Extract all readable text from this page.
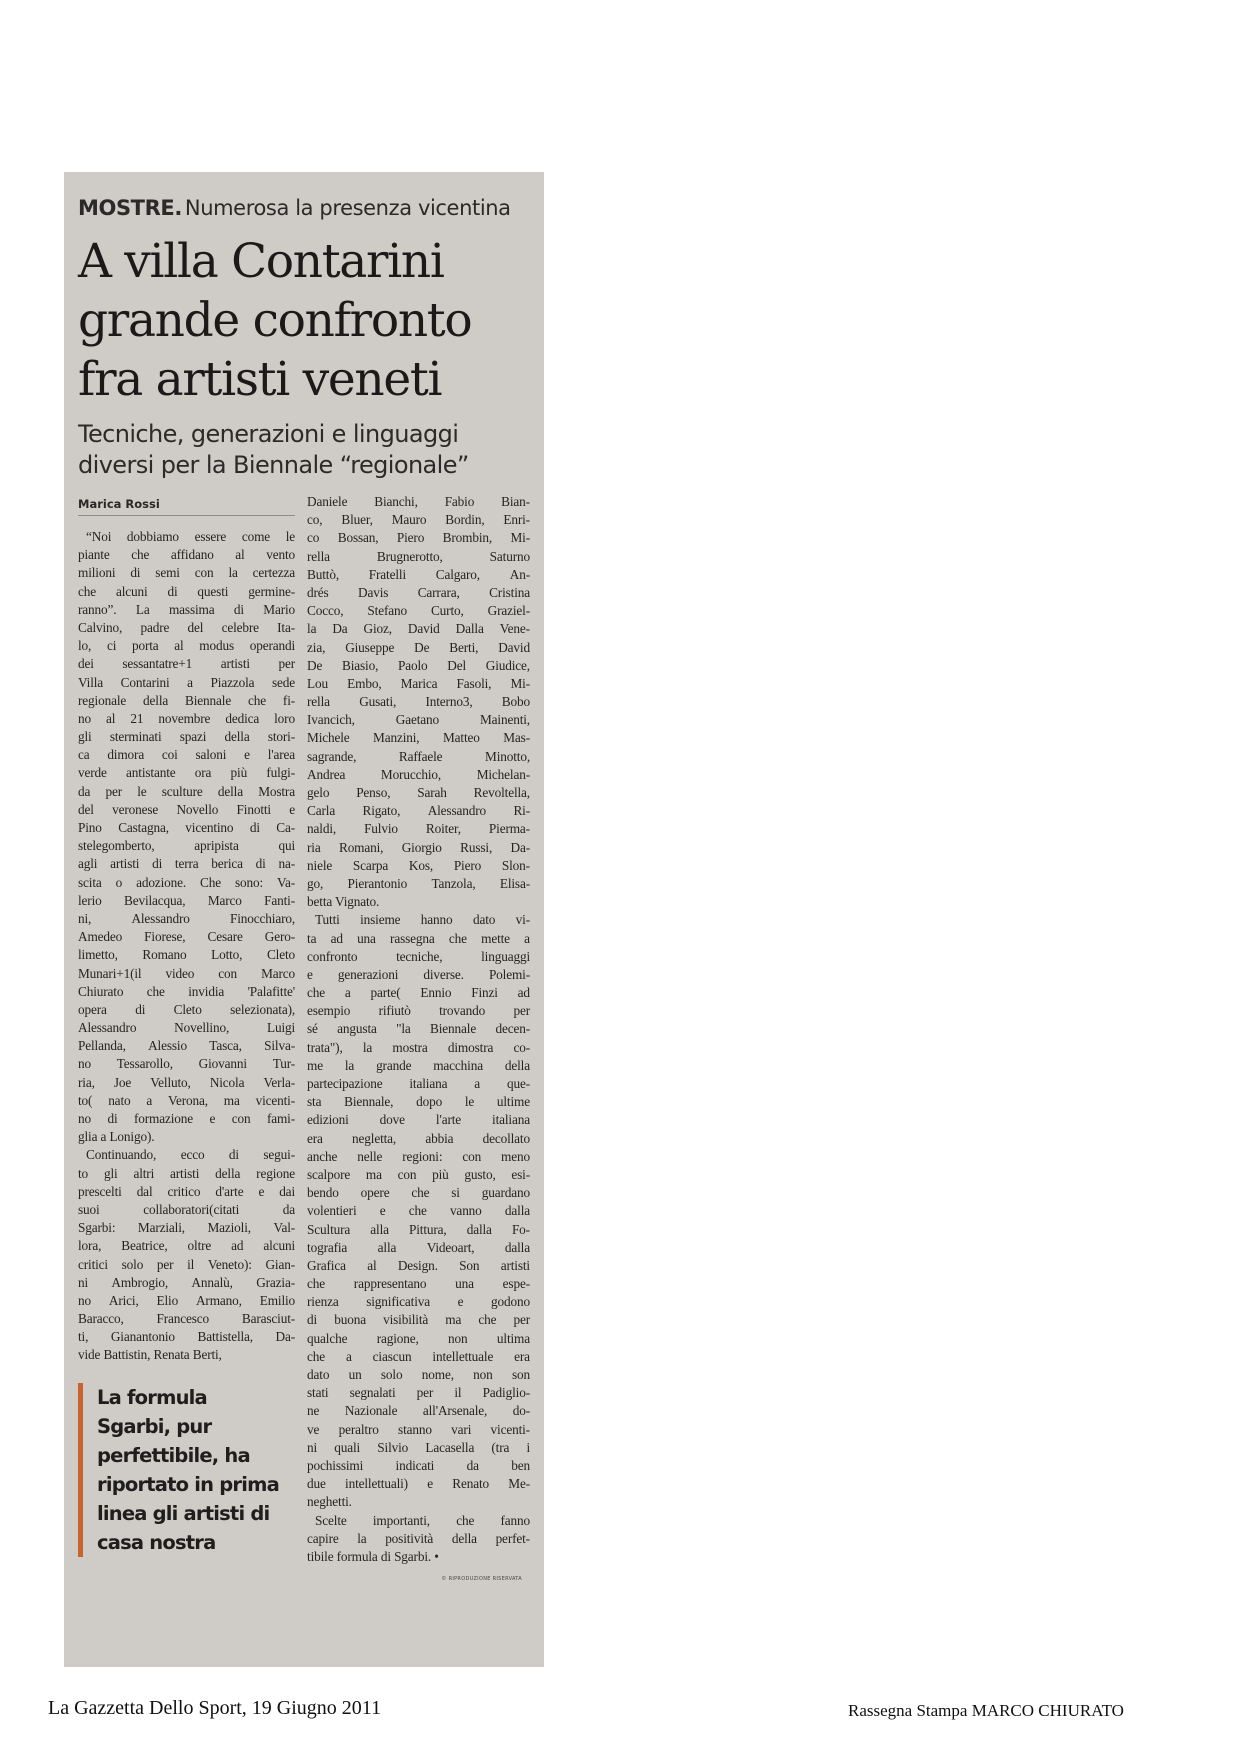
MOSTRE. Numerosa la presenza vicentina
A villa Contarini
grande confronto
fra artisti veneti
Tecniche, generazioni e linguaggi
diversi per la Biennale “regionale”
Marica Rossi
“Noi dobbiamo essere come le
piante che affidano al vento
milioni di semi con la certezza
che alcuni di questi germine-
ranno”. La massima di Mario
Calvino, padre del celebre Ita-
lo, ci porta al modus operandi
dei sessantatre+1 artisti per
Villa Contarini a Piazzola sede
regionale della Biennale che fi-
no al 21 novembre dedica loro
gli sterminati spazi della stori-
ca dimora coi saloni e l'area
verde antistante ora più fulgi-
da per le sculture della Mostra
del veronese Novello Finotti e
Pino Castagna, vicentino di Ca-
stelegomberto,	apripista	qui
agli artisti di terra berica di na-
scita o adozione. Che sono: Va-
lerio Bevilacqua, Marco Fanti-
ni,	Alessandro	Finocchiaro,
Amedeo Fiorese, Cesare Gero-
limetto, Romano Lotto, Cleto
Munari+1(il video con Marco
Chiurato che invidia 'Palafitte'
opera di Cleto selezionata),
Alessandro	Novellino,	Luigi
Pellanda, Alessio Tasca, Silva-
no Tessarollo, Giovanni Tur-
ria, Joe Velluto, Nicola Verla-
to( nato a Verona, ma vicenti-
no di formazione e con fami-
glia a Lonigo).
Continuando, ecco di segui-
to gli altri artisti della regione
prescelti dal critico d'arte e dai
suoi	collaboratori(citati	da
Sgarbi: Marziali, Mazioli, Val-
lora, Beatrice, oltre ad alcuni
critici solo per il Veneto): Gian-
ni Ambrogio, Annalù, Grazia-
no Arici, Elio Armano, Emilio
Baracco, Francesco Barasciut-
ti, Gianantonio Battistella, Da-
vide Battistin, Renata Berti,
La formula
Sgarbi, pur
perfettibile, ha
riportato in prima
linea gli artisti di
casa nostra
Daniele Bianchi, Fabio Bian-
co, Bluer, Mauro Bordin, Enri-
co Bossan, Piero Brombin, Mi-
rella	Brugnerotto,	Saturno
Buttò, Fratelli Calgaro, An-
drés Davis Carrara, Cristina
Cocco, Stefano Curto, Graziel-
la Da Gioz, David Dalla Vene-
zia, Giuseppe De Berti, David
De Biasio, Paolo Del Giudice,
Lou Embo, Marica Fasoli, Mi-
rella Gusati, Interno3, Bobo
Ivancich,	Gaetano	Mainenti,
Michele Manzini, Matteo Mas-
sagrande,	Raffaele	Minotto,
Andrea	Morucchio,	Michelan-
gelo Penso, Sarah Revoltella,
Carla Rigato, Alessandro Ri-
naldi, Fulvio Roiter, Pierma-
ria Romani, Giorgio Russi, Da-
niele Scarpa Kos, Piero Slon-
go, Pierantonio Tanzola, Elisa-
betta Vignato.
Tutti insieme hanno dato vi-
ta ad una rassegna che mette a
confronto	tecniche,	linguaggi
e generazioni diverse. Polemi-
che a parte( Ennio Finzi ad
esempio rifiutò trovando per
sé angusta "la Biennale decen-
trata"), la mostra dimostra co-
me la grande macchina della
partecipazione italiana a que-
sta Biennale, dopo le ultime
edizioni dove l'arte italiana
era negletta, abbia decollato
anche nelle regioni: con meno
scalpore ma con più gusto, esi-
bendo opere che si guardano
volentieri e che vanno dalla
Scultura alla Pittura, dalla Fo-
tografia alla Videoart, dalla
Grafica al Design. Son artisti
che rappresentano una espe-
rienza significativa e godono
di buona visibilità ma che per
qualche ragione, non ultima
che a ciascun intellettuale era
dato un solo nome, non son
stati segnalati per il Padiglio-
ne Nazionale all'Arsenale, do-
ve peraltro stanno vari vicenti-
ni quali Silvio Lacasella (tra i
pochissimi indicati da ben
due intellettuali) e Renato Me-
neghetti.
Scelte importanti, che fanno
capire la positività della perfet-
tibile formula di Sgarbi. •
© RIPRODUZIONE RISERVATA
La Gazzetta Dello Sport, 19 Giugno 2011	Rassegna Stampa MARCO CHIURATO
